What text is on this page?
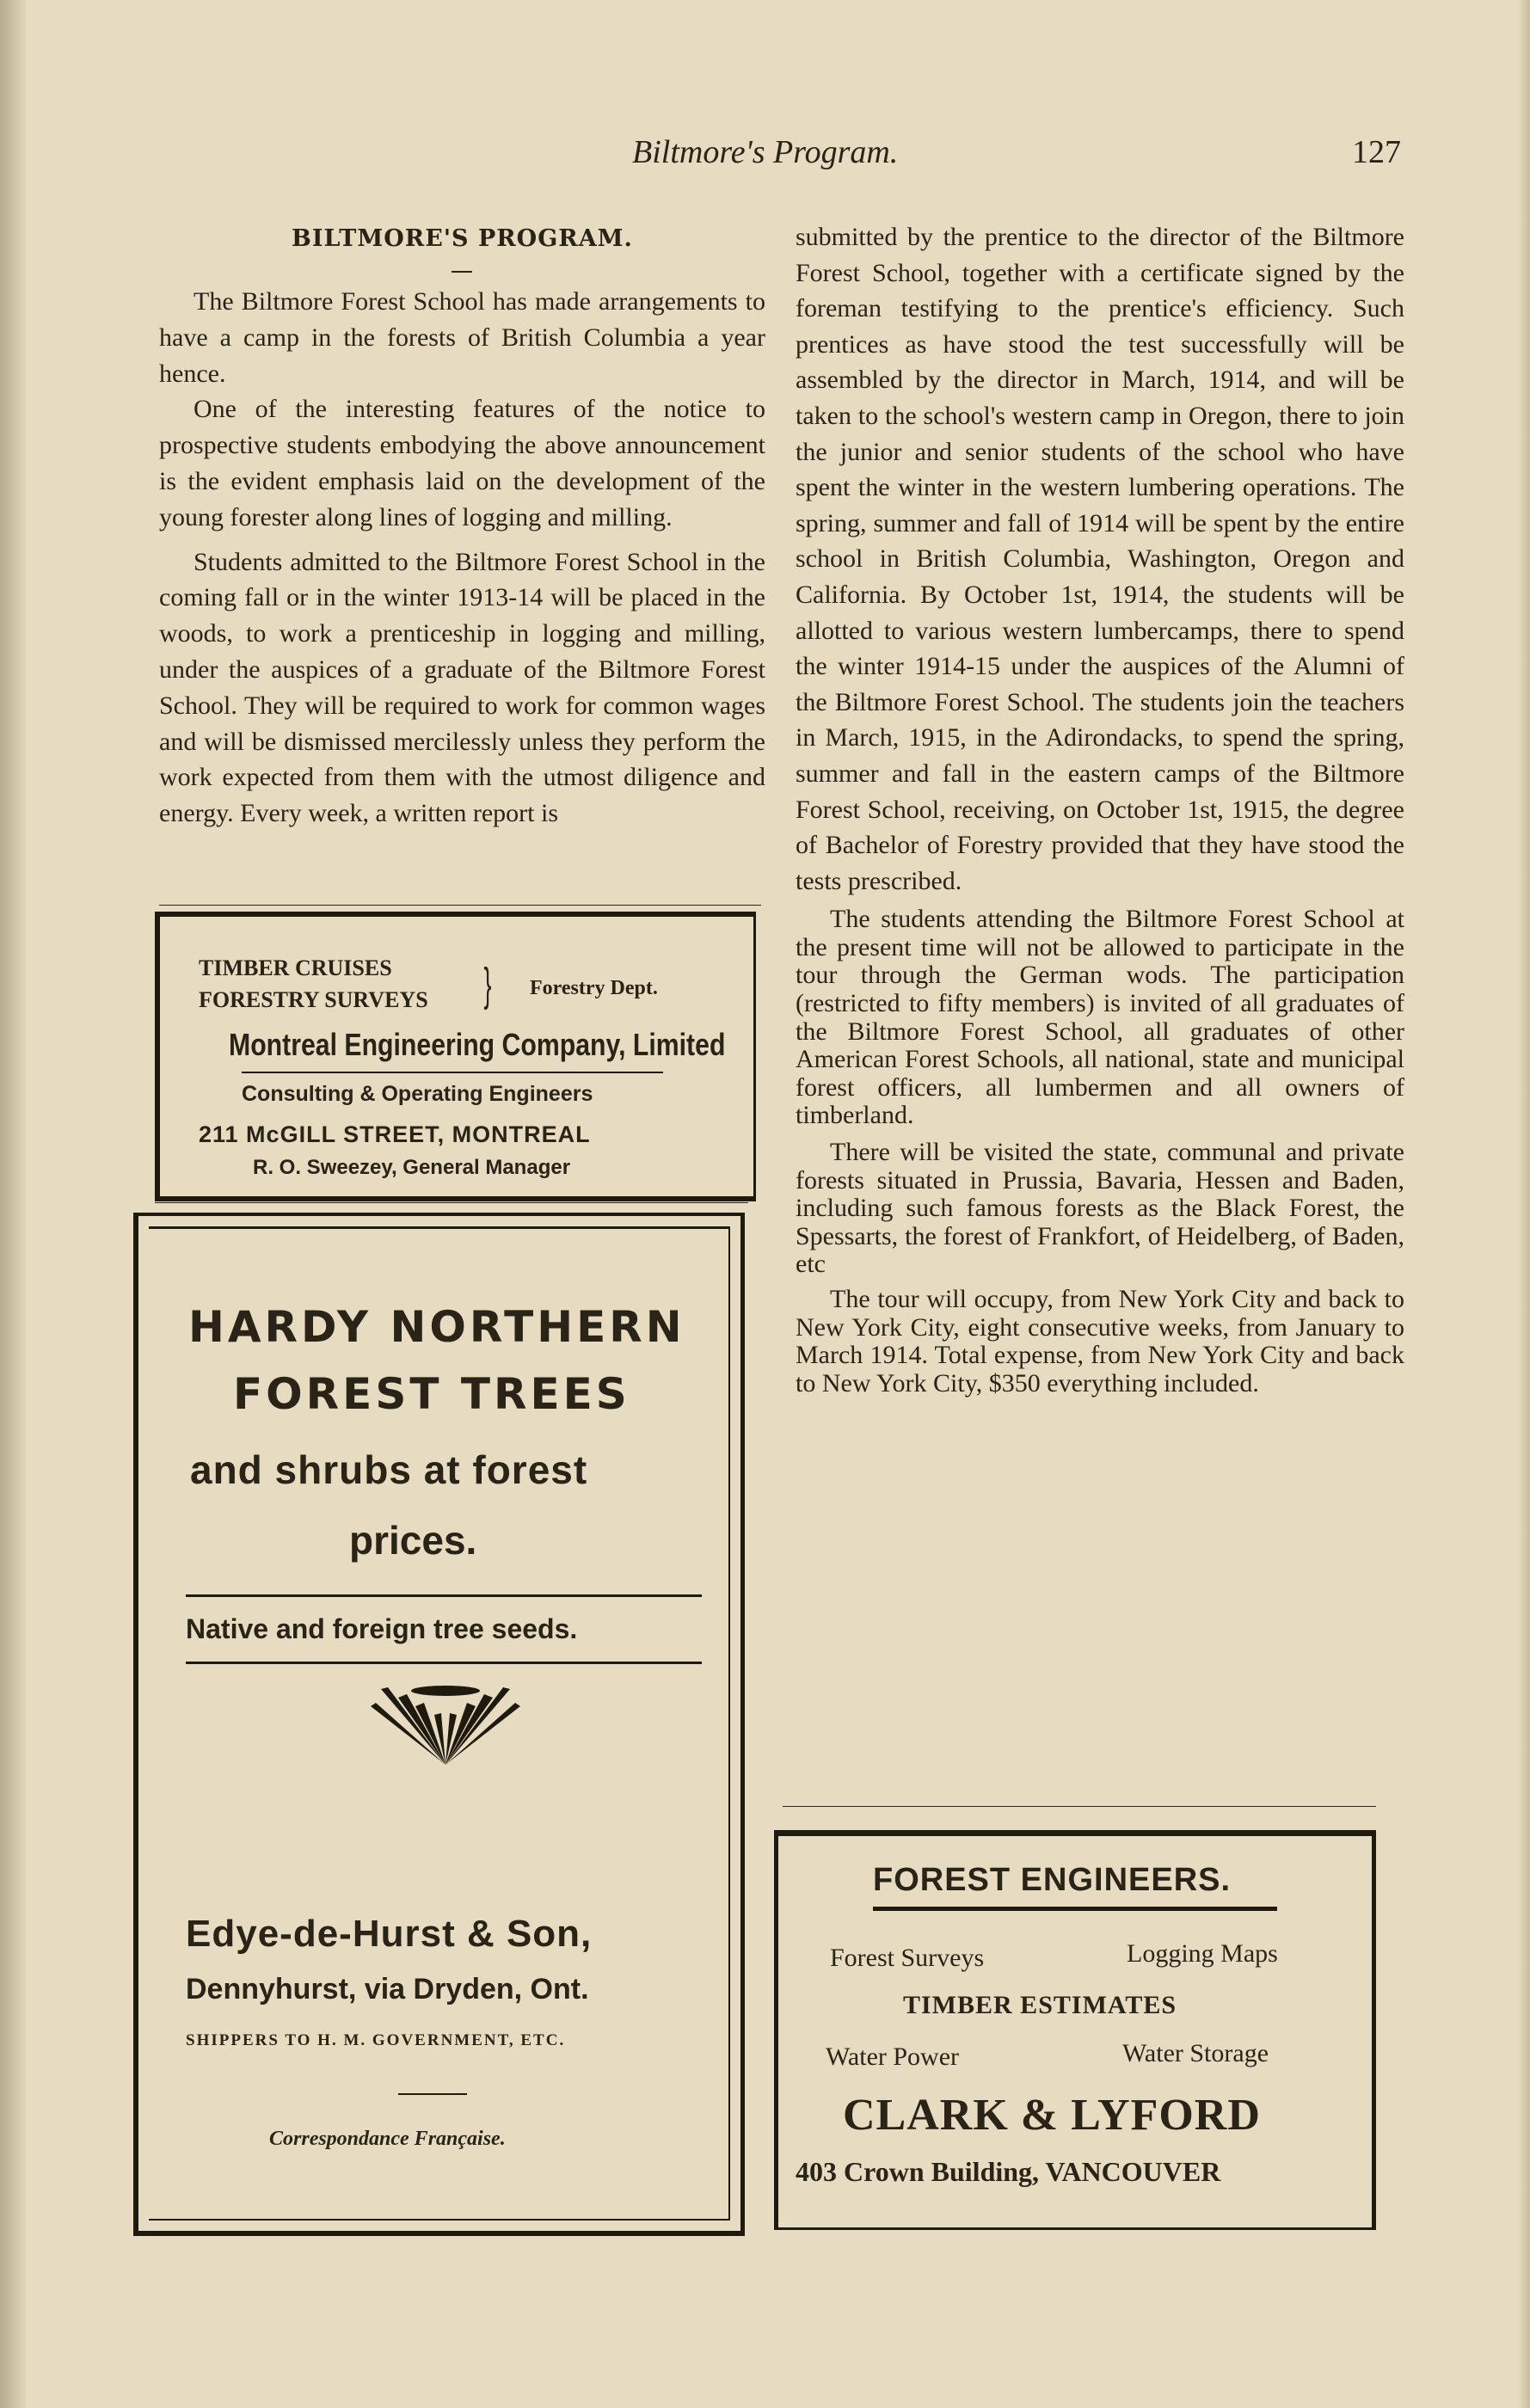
Biltmore's Program.	127
BILTMORE'S PROGRAM.

The Biltmore Forest School has made arrangements to have a camp in the forests of British Columbia a year hence.

One of the interesting features of the notice to prospective students embodying the above announcement is the evident emphasis laid on the development of the young forester along lines of logging and milling.

Students admitted to the Biltmore Forest School in the coming fall or in the winter 1913-14 will be placed in the woods, to work a prenticeship in logging and milling, under the auspices of a graduate of the Biltmore Forest School. They will be required to work for common wages and will be dismissed mercilessly unless they perform the work expected from them with the utmost diligence and energy. Every week, a written report is

submitted by the prentice to the director of the Biltmore Forest School, together with a certificate signed by the foreman testifying to the prentice's efficiency. Such prentices as have stood the test successfully will be assembled by the director in March, 1914, and will be taken to the school's western camp in Oregon, there to join the junior and senior students of the school who have spent the winter in the western lumbering operations. The spring, summer and fall of 1914 will be spent by the entire school in British Columbia, Washington, Oregon and California. By October 1st, 1914, the students will be allotted to various western lumbercamps, there to spend the winter 1914-15 under the auspices of the Alumni of the Biltmore Forest School. The students join the teachers in March, 1915, in the Adirondacks, to spend the spring, summer and fall in the eastern camps of the Biltmore Forest School, receiving, on October 1st, 1915, the degree of Bachelor of Forestry provided that they have stood the tests prescribed.

The students attending the Biltmore Forest School at the present time will not be allowed to participate in the tour through the German wods. The participation (restricted to fifty members) is invited of all graduates of the Biltmore Forest School, all graduates of other American Forest Schools, all national, state and municipal forest officers, all lumbermen and all owners of timberland.

There will be visited the state, communal and private forests situated in Prussia, Bavaria, Hessen and Baden, including such famous forests as the Black Forest, the Spessarts, the forest of Frankfort, of Heidelberg, of Baden, etc

The tour will occupy, from New York City and back to New York City, eight consecutive weeks, from January to March 1914. Total expense, from New York City and back to New York City, $350 everything included.

TIMBER CRUISES
FORESTRY SURVEYS } Forestry Dept.
Montreal Engineering Company, Limited
Consulting & Operating Engineers
211 McGILL STREET, MONTREAL
R. O. Sweezey, General Manager
HARDY NORTHERN
FOREST TREES
and shrubs at forest
prices.
Native and foreign tree seeds.
Edye-de-Hurst & Son,
Dennyhurst, via Dryden, Ont.
SHIPPERS TO H. M. GOVERNMENT, ETC.
Correspondance Française.
FOREST ENGINEERS.
Forest Surveys	Logging Maps
TIMBER ESTIMATES
Water Power	Water Storage
CLARK & LYFORD
403 Crown Building, VANCOUVER
